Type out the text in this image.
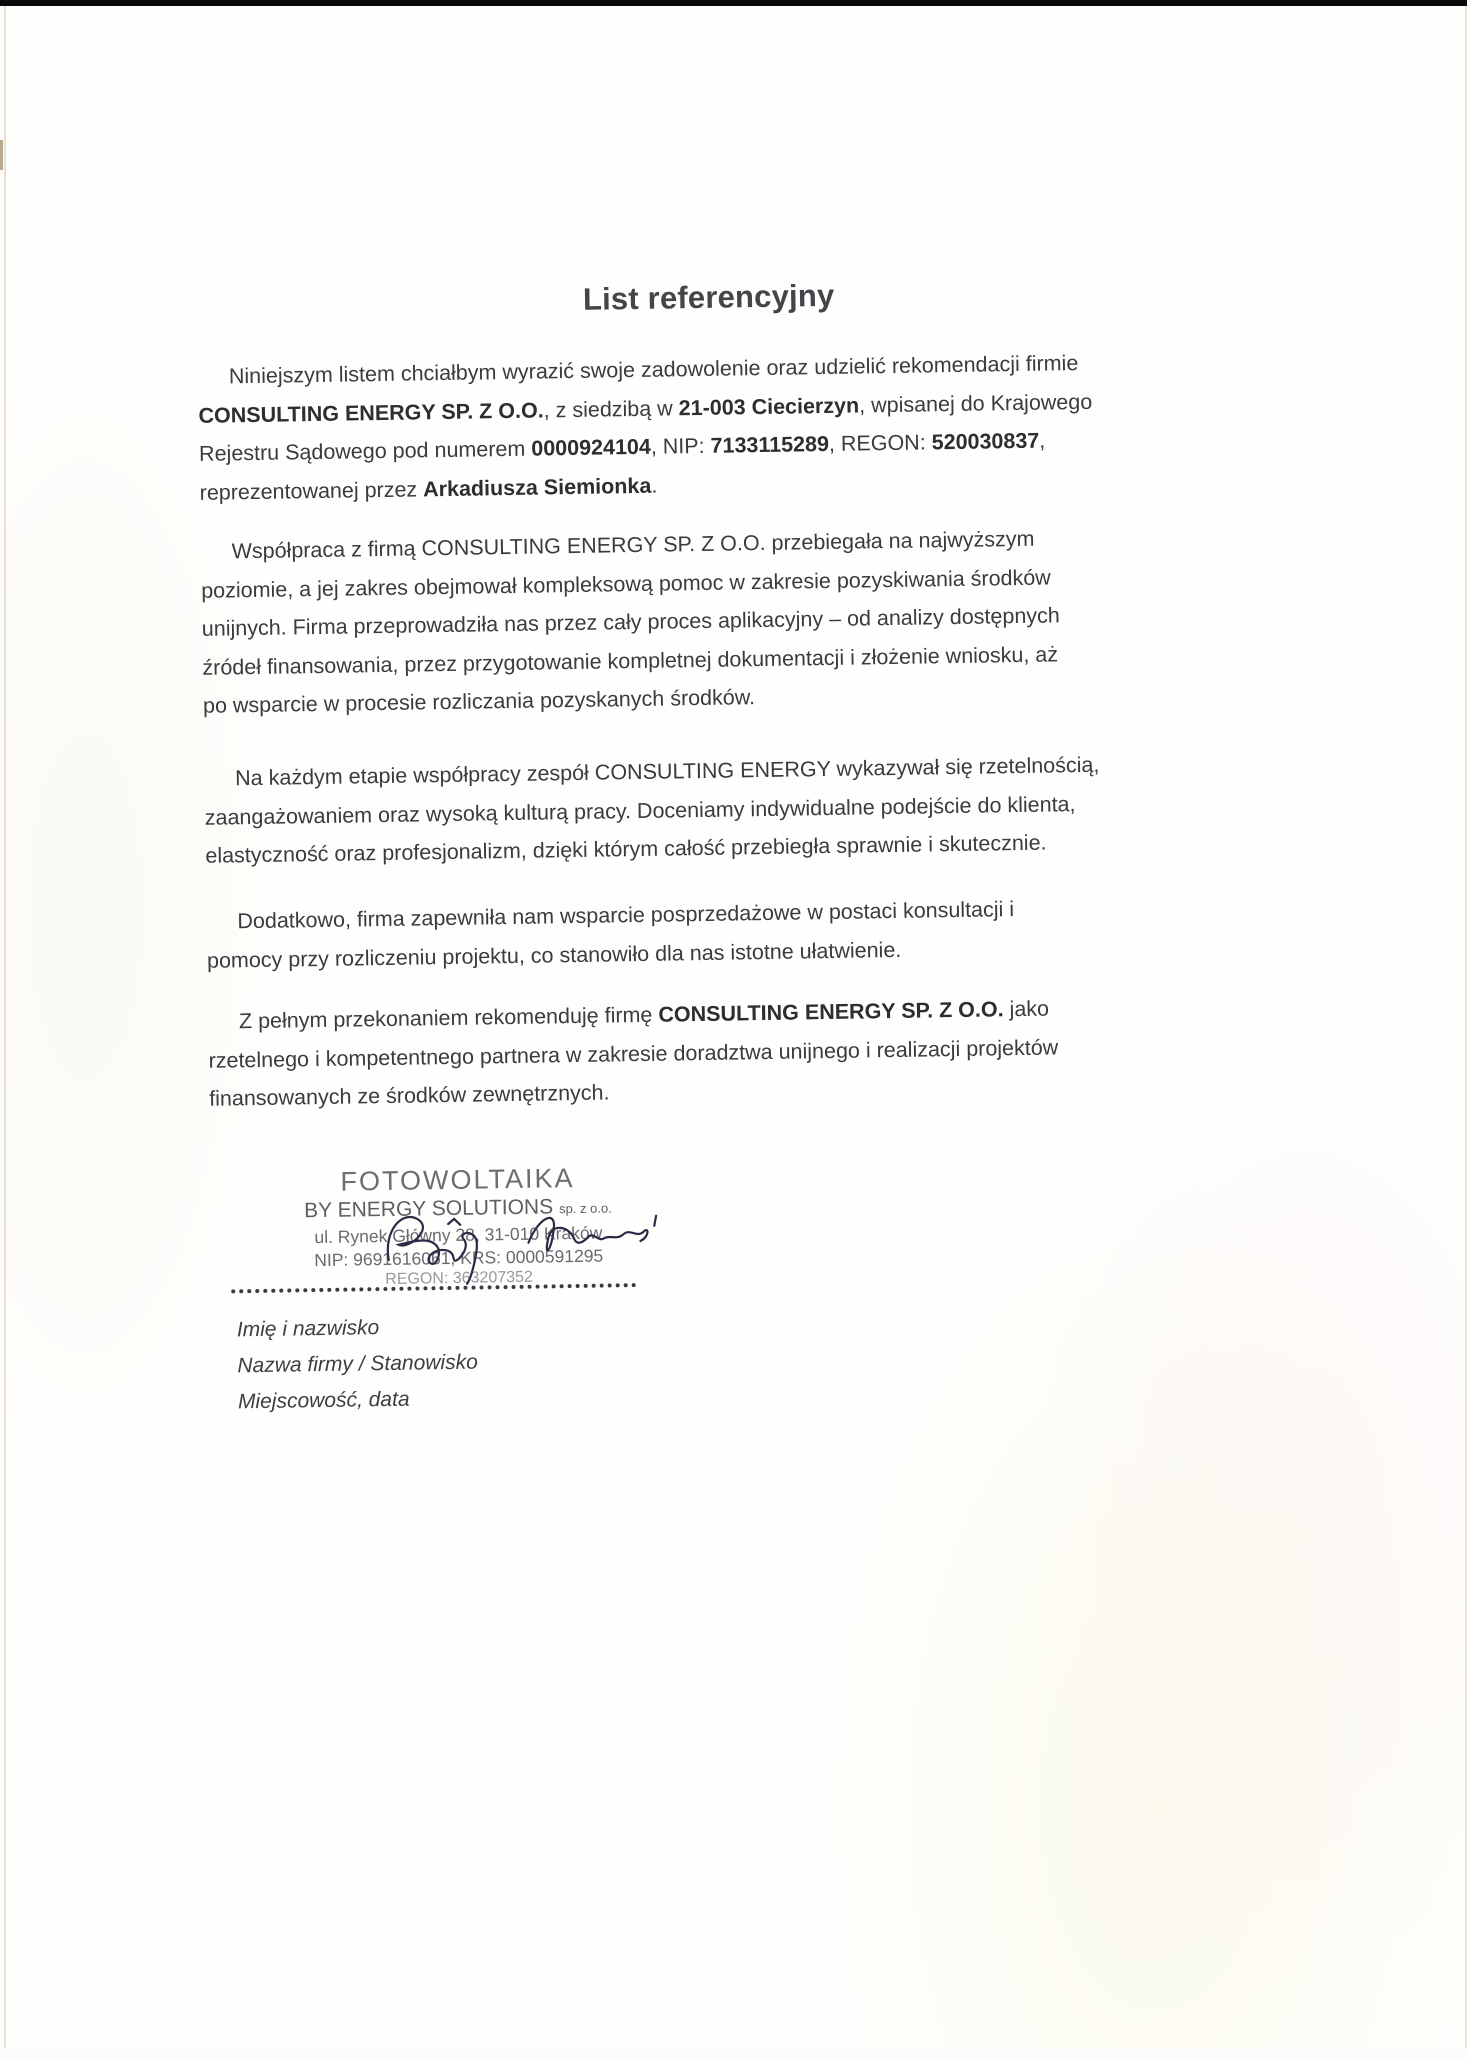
List referencyjny
Niniejszym listem chciałbym wyrazić swoje zadowolenie oraz udzielić rekomendacji firmie
CONSULTING ENERGY SP. Z O.O., z siedzibą w 21-003 Ciecierzyn, wpisanej do Krajowego
Rejestru Sądowego pod numerem 0000924104, NIP: 7133115289, REGON: 520030837,
reprezentowanej przez Arkadiusza Siemionka.
Współpraca z firmą CONSULTING ENERGY SP. Z O.O. przebiegała na najwyższym
poziomie, a jej zakres obejmował kompleksową pomoc w zakresie pozyskiwania środków
unijnych. Firma przeprowadziła nas przez cały proces aplikacyjny – od analizy dostępnych
źródeł finansowania, przez przygotowanie kompletnej dokumentacji i złożenie wniosku, aż
po wsparcie w procesie rozliczania pozyskanych środków.
Na każdym etapie współpracy zespół CONSULTING ENERGY wykazywał się rzetelnością,
zaangażowaniem oraz wysoką kulturą pracy. Doceniamy indywidualne podejście do klienta,
elastyczność oraz profesjonalizm, dzięki którym całość przebiegła sprawnie i skutecznie.
Dodatkowo, firma zapewniła nam wsparcie posprzedażowe w postaci konsultacji i
pomocy przy rozliczeniu projektu, co stanowiło dla nas istotne ułatwienie.
Z pełnym przekonaniem rekomenduję firmę CONSULTING ENERGY SP. Z O.O. jako
rzetelnego i kompetentnego partnera w zakresie doradztwa unijnego i realizacji projektów
finansowanych ze środków zewnętrznych.
FOTOWOLTAIKA
BY ENERGY SOLUTIONS sp. z o.o.
ul. Rynek Główny 28, 31-010 Kraków
NIP: 9691616061, KRS: 0000591295
REGON: 363207352
Imię i nazwisko
Nazwa firmy / Stanowisko
Miejscowość, data
